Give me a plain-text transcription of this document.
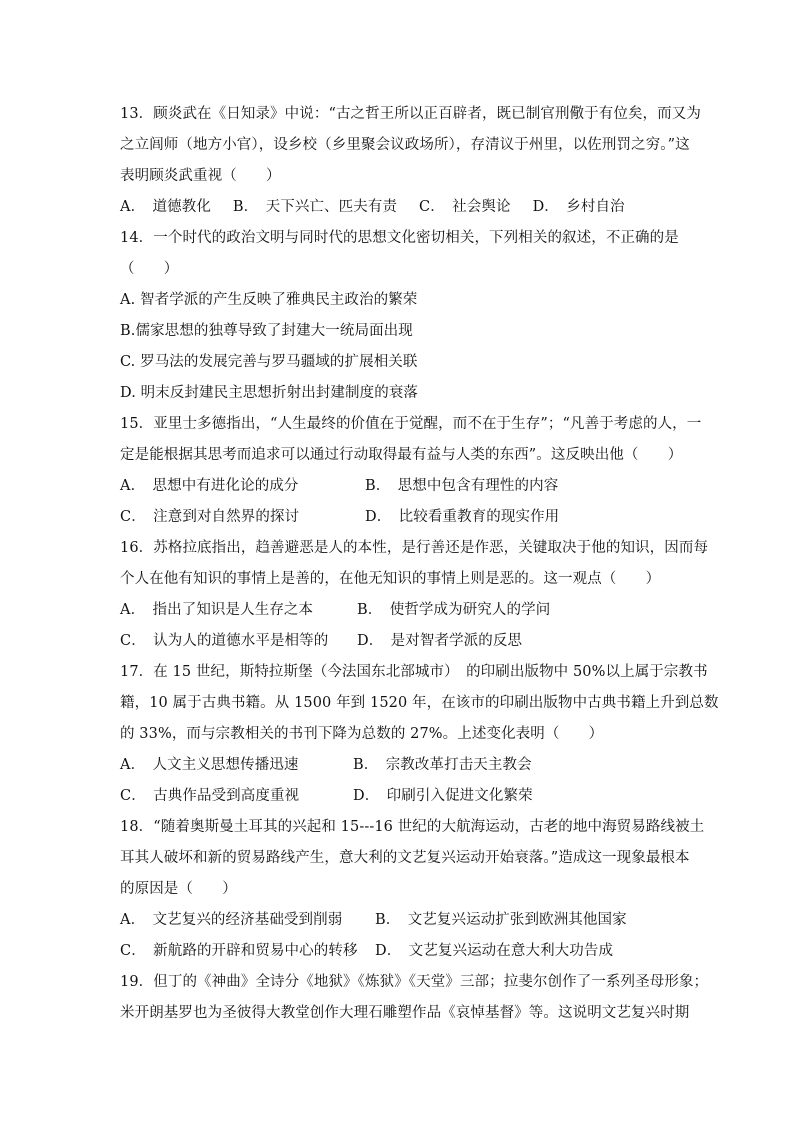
13．顾炎武在《日知录》中说：“古之哲王所以正百辟者，既已制官刑儆于有位矣，而又为
之立闾师（地方小官），设乡校（乡里聚会议政场所），存清议于州里，以佐刑罚之穷。”这
表明顾炎武重视（　　）
A．　道德教化 B．　天下兴亡、匹夫有责 C．　社会舆论 D．　乡村自治
14．一个时代的政治文明与同时代的思想文化密切相关，下列相关的叙述，不正确的是
（　　）
A. 智者学派的产生反映了雅典民主政治的繁荣
B.儒家思想的独尊导致了封建大一统局面出现
C. 罗马法的发展完善与罗马疆域的扩展相关联
D. 明末反封建民主思想折射出封建制度的衰落
15．亚里士多德指出，“人生最终的价值在于觉醒，而不在于生存”；“凡善于考虑的人，一
定是能根据其思考而追求可以通过行动取得最有益与人类的东西”。这反映出他（　　）
A．　思想中有进化论的成分	B．　思想中包含有理性的内容
C．　注意到对自然界的探讨	D．　比较看重教育的现实作用
16．苏格拉底指出，趋善避恶是人的本性，是行善还是作恶，关键取决于他的知识，因而每
个人在他有知识的事情上是善的，在他无知识的事情上则是恶的。这一观点（　　）
A．　指出了知识是人生存之本	B．　使哲学成为研究人的学问
C．　认为人的道德水平是相等的	D．　是对智者学派的反思
17．在 15 世纪，斯特拉斯堡（今法国东北部城市）　的印刷出版物中 50%以上属于宗教书
籍，10 属于古典书籍。从 1500 年到 1520 年，在该市的印刷出版物中古典书籍上升到总数
的 33%，而与宗教相关的书刊下降为总数的 27%。上述变化表明（　　）
A．　人文主义思想传播迅速	B．　宗教改革打击天主教会
C．　古典作品受到高度重视	D．　印刷引入促进文化繁荣
18．“随着奥斯曼土耳其的兴起和 15---16 世纪的大航海运动，古老的地中海贸易路线被土
耳其人破坏和新的贸易路线产生，意大利的文艺复兴运动开始衰落。”造成这一现象最根本
的原因是（　　）
A．　文艺复兴的经济基础受到削弱	B．　文艺复兴运动扩张到欧洲其他国家
C．　新航路的开辟和贸易中心的转移	D．　文艺复兴运动在意大利大功告成
19．但丁的《神曲》全诗分《地狱》《炼狱》《天堂》三部；拉斐尔创作了一系列圣母形象；
米开朗基罗也为圣彼得大教堂创作大理石雕塑作品《哀悼基督》等。这说明文艺复兴时期
